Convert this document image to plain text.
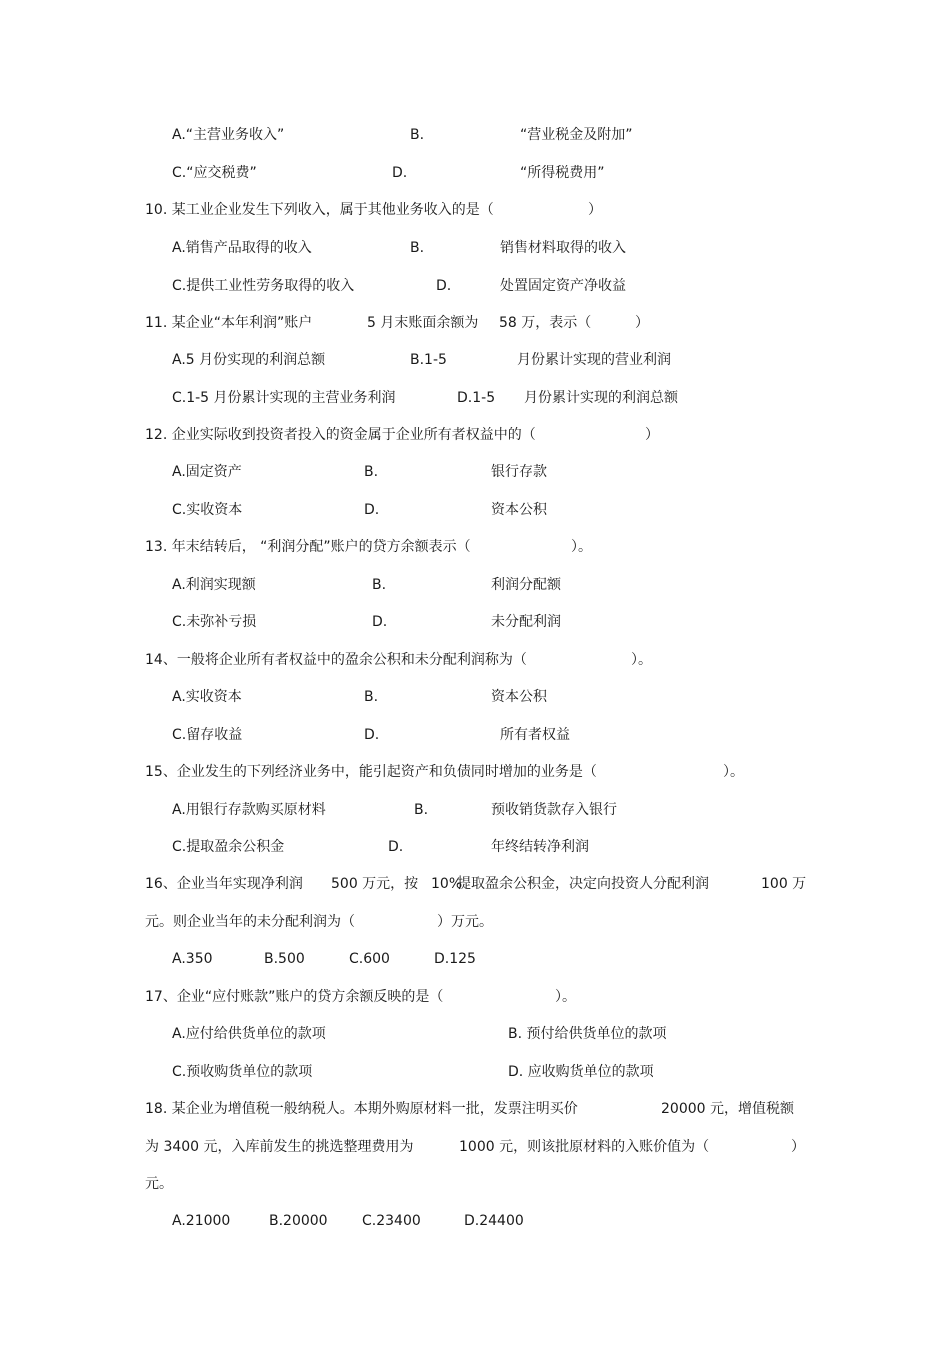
A.“主营业务收入”	B.	“营业税金及附加”
C.“应交税费”	D.	“所得税费用”
10. 某工业企业发生下列收入，属于其他业务收入的是（	）
A.销售产品取得的收入	B.	销售材料取得的收入
C.提供工业性劳务取得的收入	D.	处置固定资产净收益
11. 某企业“本年利润”账户	5 月末账面余额为 58 万，表示（	）
A.5 月份实现的利润总额	B.1-5	月份累计实现的营业利润
C.1-5 月份累计实现的主营业务利润	D.1-5 月份累计实现的利润总额
12. 企业实际收到投资者投入的资金属于企业所有者权益中的（	）
A.固定资产	B.	银行存款
C.实收资本	D.	资本公积
13. 年末结转后， “利润分配”账户的贷方余额表示（	）。
A.利润实现额	B.	利润分配额
C.未弥补亏损	D.	未分配利润
14、一般将企业所有者权益中的盈余公积和未分配利润称为（	）。
A.实收资本	B.	资本公积
C.留存收益	D.	所有者权益
15、企业发生的下列经济业务中，能引起资产和负债同时增加的业务是（	）。
A.用银行存款购买原材料	B.	预收销货款存入银行
C.提取盈余公积金	D.	年终结转净利润
16、企业当年实现净利润 500 万元，按 10%
提取盈余公积金，决定向投资人分配利润	100 万
元。则企业当年的未分配利润为（	）万元。
A.350	B.500	C.600	D.125
17、企业“应付账款”账户的贷方余额反映的是（	）。
A.应付给供货单位的款项	B. 预付给供货单位的款项
C.预收购货单位的款项	D. 应收购货单位的款项
18. 某企业为增值税一般纳税人。本期外购原材料一批，发票注明买价	20000 元，增值税额
为 3400 元，入库前发生的挑选整理费用为	1000 元，则该批原材料的入账价值为（	）
元。
A.21000	B.20000 C.23400	D.24400
